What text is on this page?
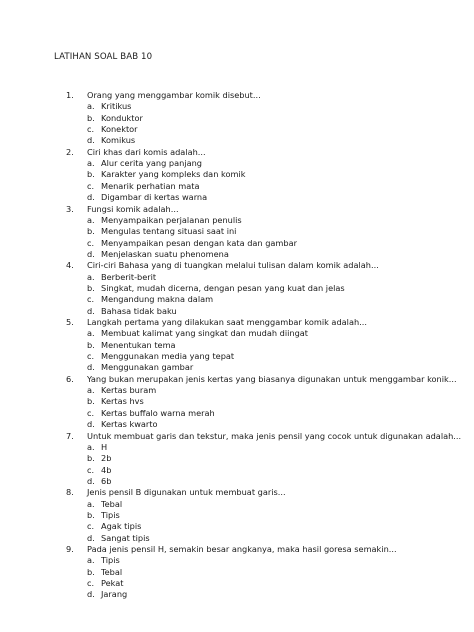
LATIHAN SOAL BAB 10
1. Orang yang menggambar komik disebut...
a. Kritikus
b. Konduktor
c. Konektor
d. Komikus
2. Ciri khas dari komis adalah...
a. Alur cerita yang panjang
b. Karakter yang kompleks dan komik
c. Menarik perhatian mata
d. Digambar di kertas warna
3. Fungsi komik adalah...
a. Menyampaikan perjalanan penulis
b. Mengulas tentang situasi saat ini
c. Menyampaikan pesan dengan kata dan gambar
d. Menjelaskan suatu phenomena
4. Ciri-ciri Bahasa yang di tuangkan melalui tulisan dalam komik adalah...
a. Berberit-berit
b. Singkat, mudah dicerna, dengan pesan yang kuat dan jelas
c. Mengandung makna dalam
d. Bahasa tidak baku
5. Langkah pertama yang dilakukan saat menggambar komik adalah...
a. Membuat kalimat yang singkat dan mudah diingat
b. Menentukan tema
c. Menggunakan media yang tepat
d. Menggunakan gambar
6. Yang bukan merupakan jenis kertas yang biasanya digunakan untuk menggambar konik...
a. Kertas buram
b. Kertas hvs
c. Kertas buffalo warna merah
d. Kertas kwarto
7. Untuk membuat garis dan tekstur, maka jenis pensil yang cocok untuk digunakan adalah...
a. H
b. 2b
c. 4b
d. 6b
8. Jenis pensil B digunakan untuk membuat garis...
a. Tebal
b. Tipis
c. Agak tipis
d. Sangat tipis
9. Pada jenis pensil H, semakin besar angkanya, maka hasil goresa semakin...
a. Tipis
b. Tebal
c. Pekat
d. Jarang
